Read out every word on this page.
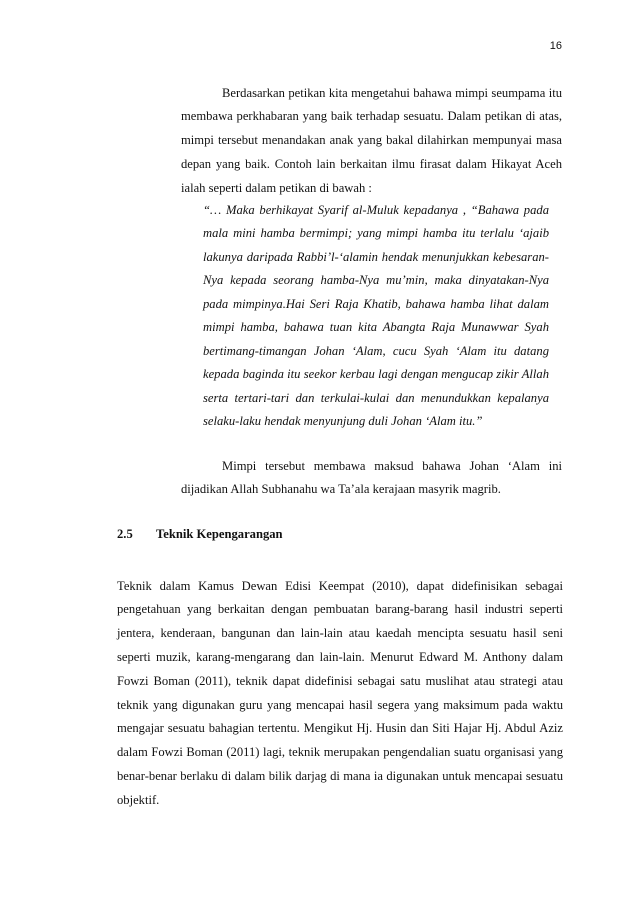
16

Berdasarkan petikan kita mengetahui bahawa mimpi seumpama itu membawa perkhabaran yang baik terhadap sesuatu. Dalam petikan di atas, mimpi tersebut menandakan anak yang bakal dilahirkan mempunyai masa depan yang baik. Contoh lain berkaitan ilmu firasat dalam Hikayat Aceh ialah seperti dalam petikan di bawah :

“… Maka berhikayat Syarif al-Muluk kepadanya , “Bahawa pada mala mini hamba bermimpi; yang mimpi hamba itu terlalu ‘ajaib lakunya daripada Rabbi’l-‘alamin hendak menunjukkan kebesaran-Nya kepada seorang hamba-Nya mu’min, maka dinyatakan-Nya pada mimpinya.Hai Seri Raja Khatib, bahawa hamba lihat dalam mimpi hamba, bahawa tuan kita Abangta Raja Munawwar Syah bertimang-timangan Johan ‘Alam, cucu Syah ‘Alam itu datang kepada baginda itu seekor kerbau lagi dengan mengucap zikir Allah serta tertari-tari dan terkulai-kulai dan menundukkan kepalanya selaku-laku hendak menyunjung duli Johan ‘Alam itu.”

Mimpi tersebut membawa maksud bahawa Johan ‘Alam ini dijadikan Allah Subhanahu wa Ta’ala kerajaan masyrik magrib.

2.5 Teknik Kepengarangan

Teknik dalam Kamus Dewan Edisi Keempat (2010), dapat didefinisikan sebagai pengetahuan yang berkaitan dengan pembuatan barang-barang hasil industri seperti jentera, kenderaan, bangunan dan lain-lain atau kaedah mencipta sesuatu hasil seni seperti muzik, karang-mengarang dan lain-lain. Menurut Edward M. Anthony dalam Fowzi Boman (2011), teknik dapat didefinisi sebagai satu muslihat atau strategi atau teknik yang digunakan guru yang mencapai hasil segera yang maksimum pada waktu mengajar sesuatu bahagian tertentu. Mengikut Hj. Husin dan Siti Hajar Hj. Abdul Aziz dalam Fowzi Boman (2011) lagi, teknik merupakan pengendalian suatu organisasi yang benar-benar berlaku di dalam bilik darjag di mana ia digunakan untuk mencapai sesuatu objektif.
